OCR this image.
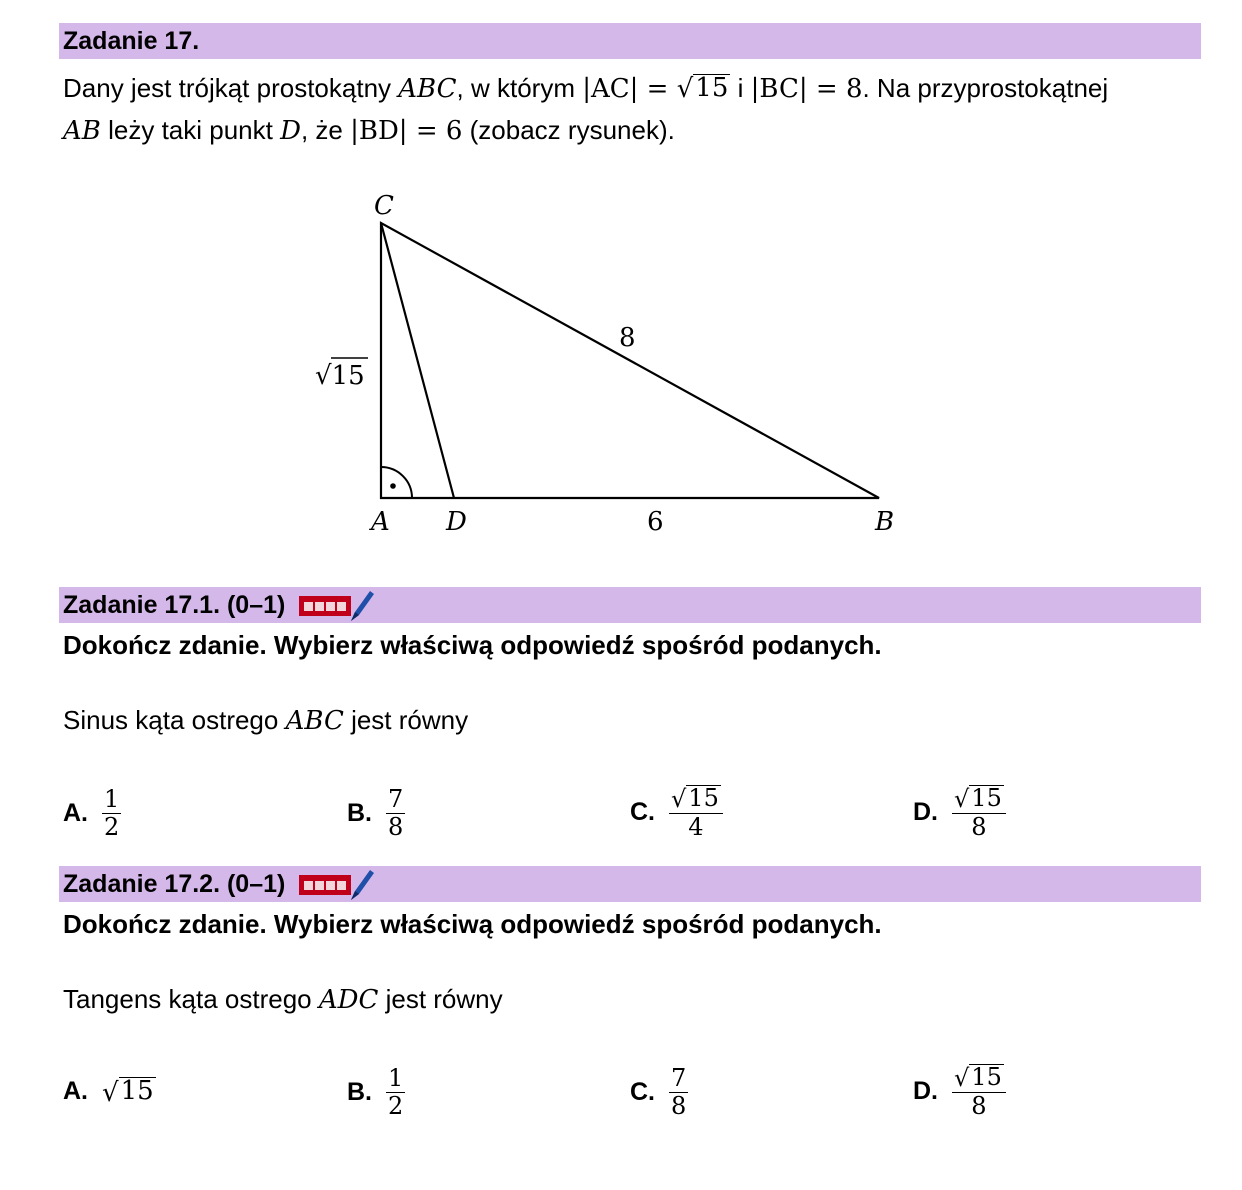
Zadanie 17.
Dany jest trójkąt prostokątny ABC, w którym |AC| = √ 15 i |BC| = 8. Na przyprostokątnej
AB leży taki punkt D, że |BD| = 6 (zobacz rysunek).
C
A D	B
8
6
√15
Zadanie 17.1. (0–1)
Dokończ zdanie. Wybierz właściwą odpowiedź spośród podanych.
Sinus kąta ostrego ABC jest równy
A. $\frac{1}{2}$	B. $\frac{7}{8}$	C. $\frac{√ 15}{4}$	D. $\frac{√ 15}{8}$
Zadanie 17.2. (0–1)
Dokończ zdanie. Wybierz właściwą odpowiedź spośród podanych.
Tangens kąta ostrego ADC jest równy
A. √ 15	B. $\frac{1}{2}$	C. $\frac{7}{8}$	D. $\frac{√ 15}{8}$
